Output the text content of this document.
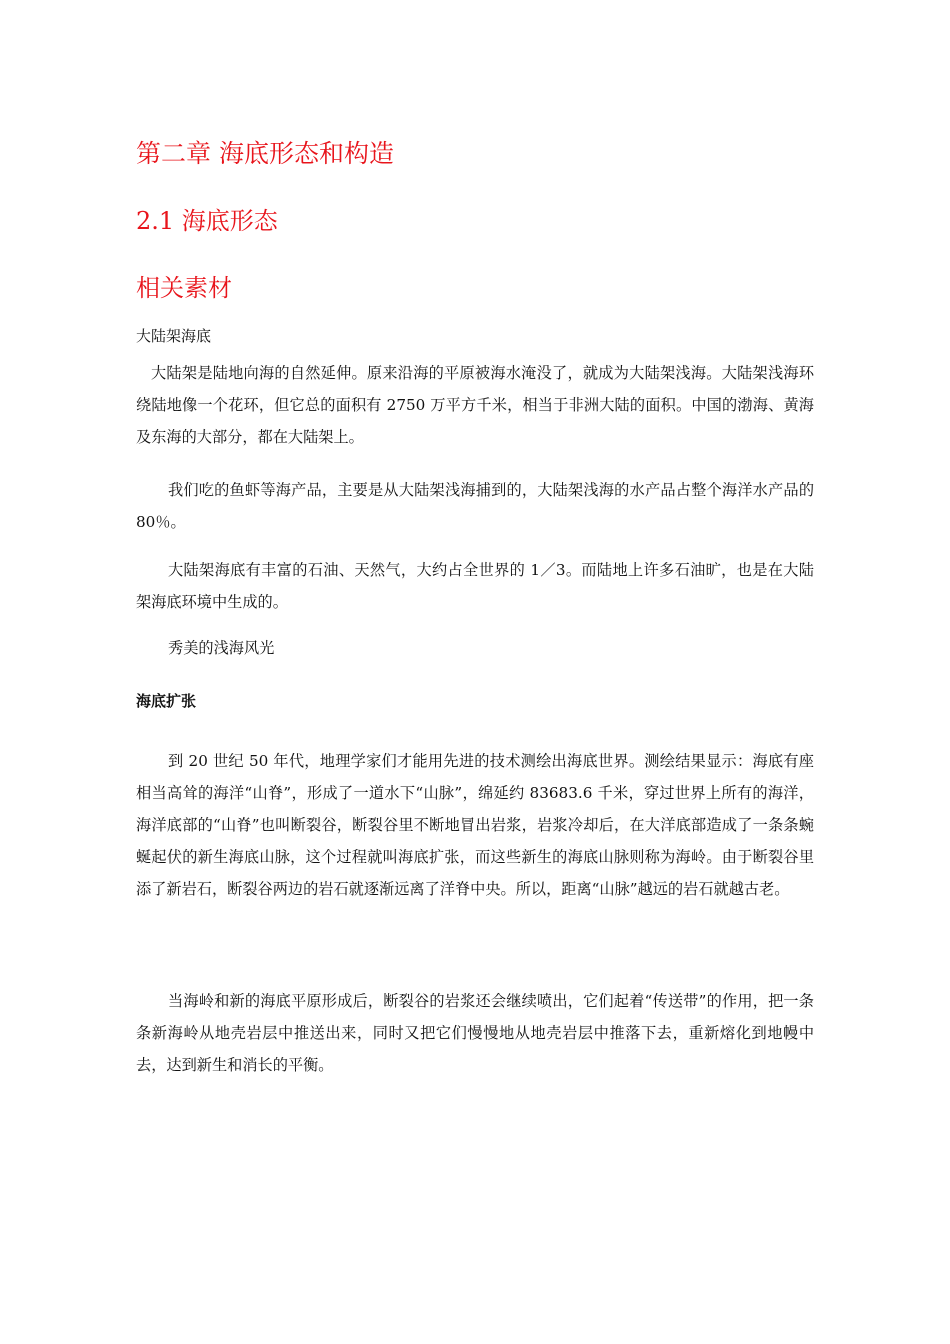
第二章 海底形态和构造
2.1 海底形态
相关素材

大陆架海底

大陆架是陆地向海的自然延伸。原来沿海的平原被海水淹没了，就成为大陆架浅海。大陆架浅海环绕陆地像一个花环，但它总的面积有 2750 万平方千米，相当于非洲大陆的面积。中国的渤海、黄海及东海的大部分，都在大陆架上。

我们吃的鱼虾等海产品，主要是从大陆架浅海捕到的，大陆架浅海的水产品占整个海洋水产品的 80％。

大陆架海底有丰富的石油、天然气，大约占全世界的 1／3。而陆地上许多石油旷，也是在大陆架海底环境中生成的。

秀美的浅海风光

海底扩张

到 20 世纪 50 年代，地理学家们才能用先进的技术测绘出海底世界。测绘结果显示：海底有座相当高耸的海洋“山脊”，形成了一道水下“山脉”，绵延约 83683.6 千米，穿过世界上所有的海洋，海洋底部的“山脊”也叫断裂谷，断裂谷里不断地冒出岩浆，岩浆冷却后，在大洋底部造成了一条条蜿蜒起伏的新生海底山脉，这个过程就叫海底扩张，而这些新生的海底山脉则称为海岭。由于断裂谷里添了新岩石，断裂谷两边的岩石就逐渐远离了洋脊中央。所以，距离“山脉”越远的岩石就越古老。

当海岭和新的海底平原形成后，断裂谷的岩浆还会继续喷出，它们起着“传送带”的作用，把一条条新海岭从地壳岩层中推送出来，同时又把它们慢慢地从地壳岩层中推落下去，重新熔化到地幔中去，达到新生和消长的平衡。
